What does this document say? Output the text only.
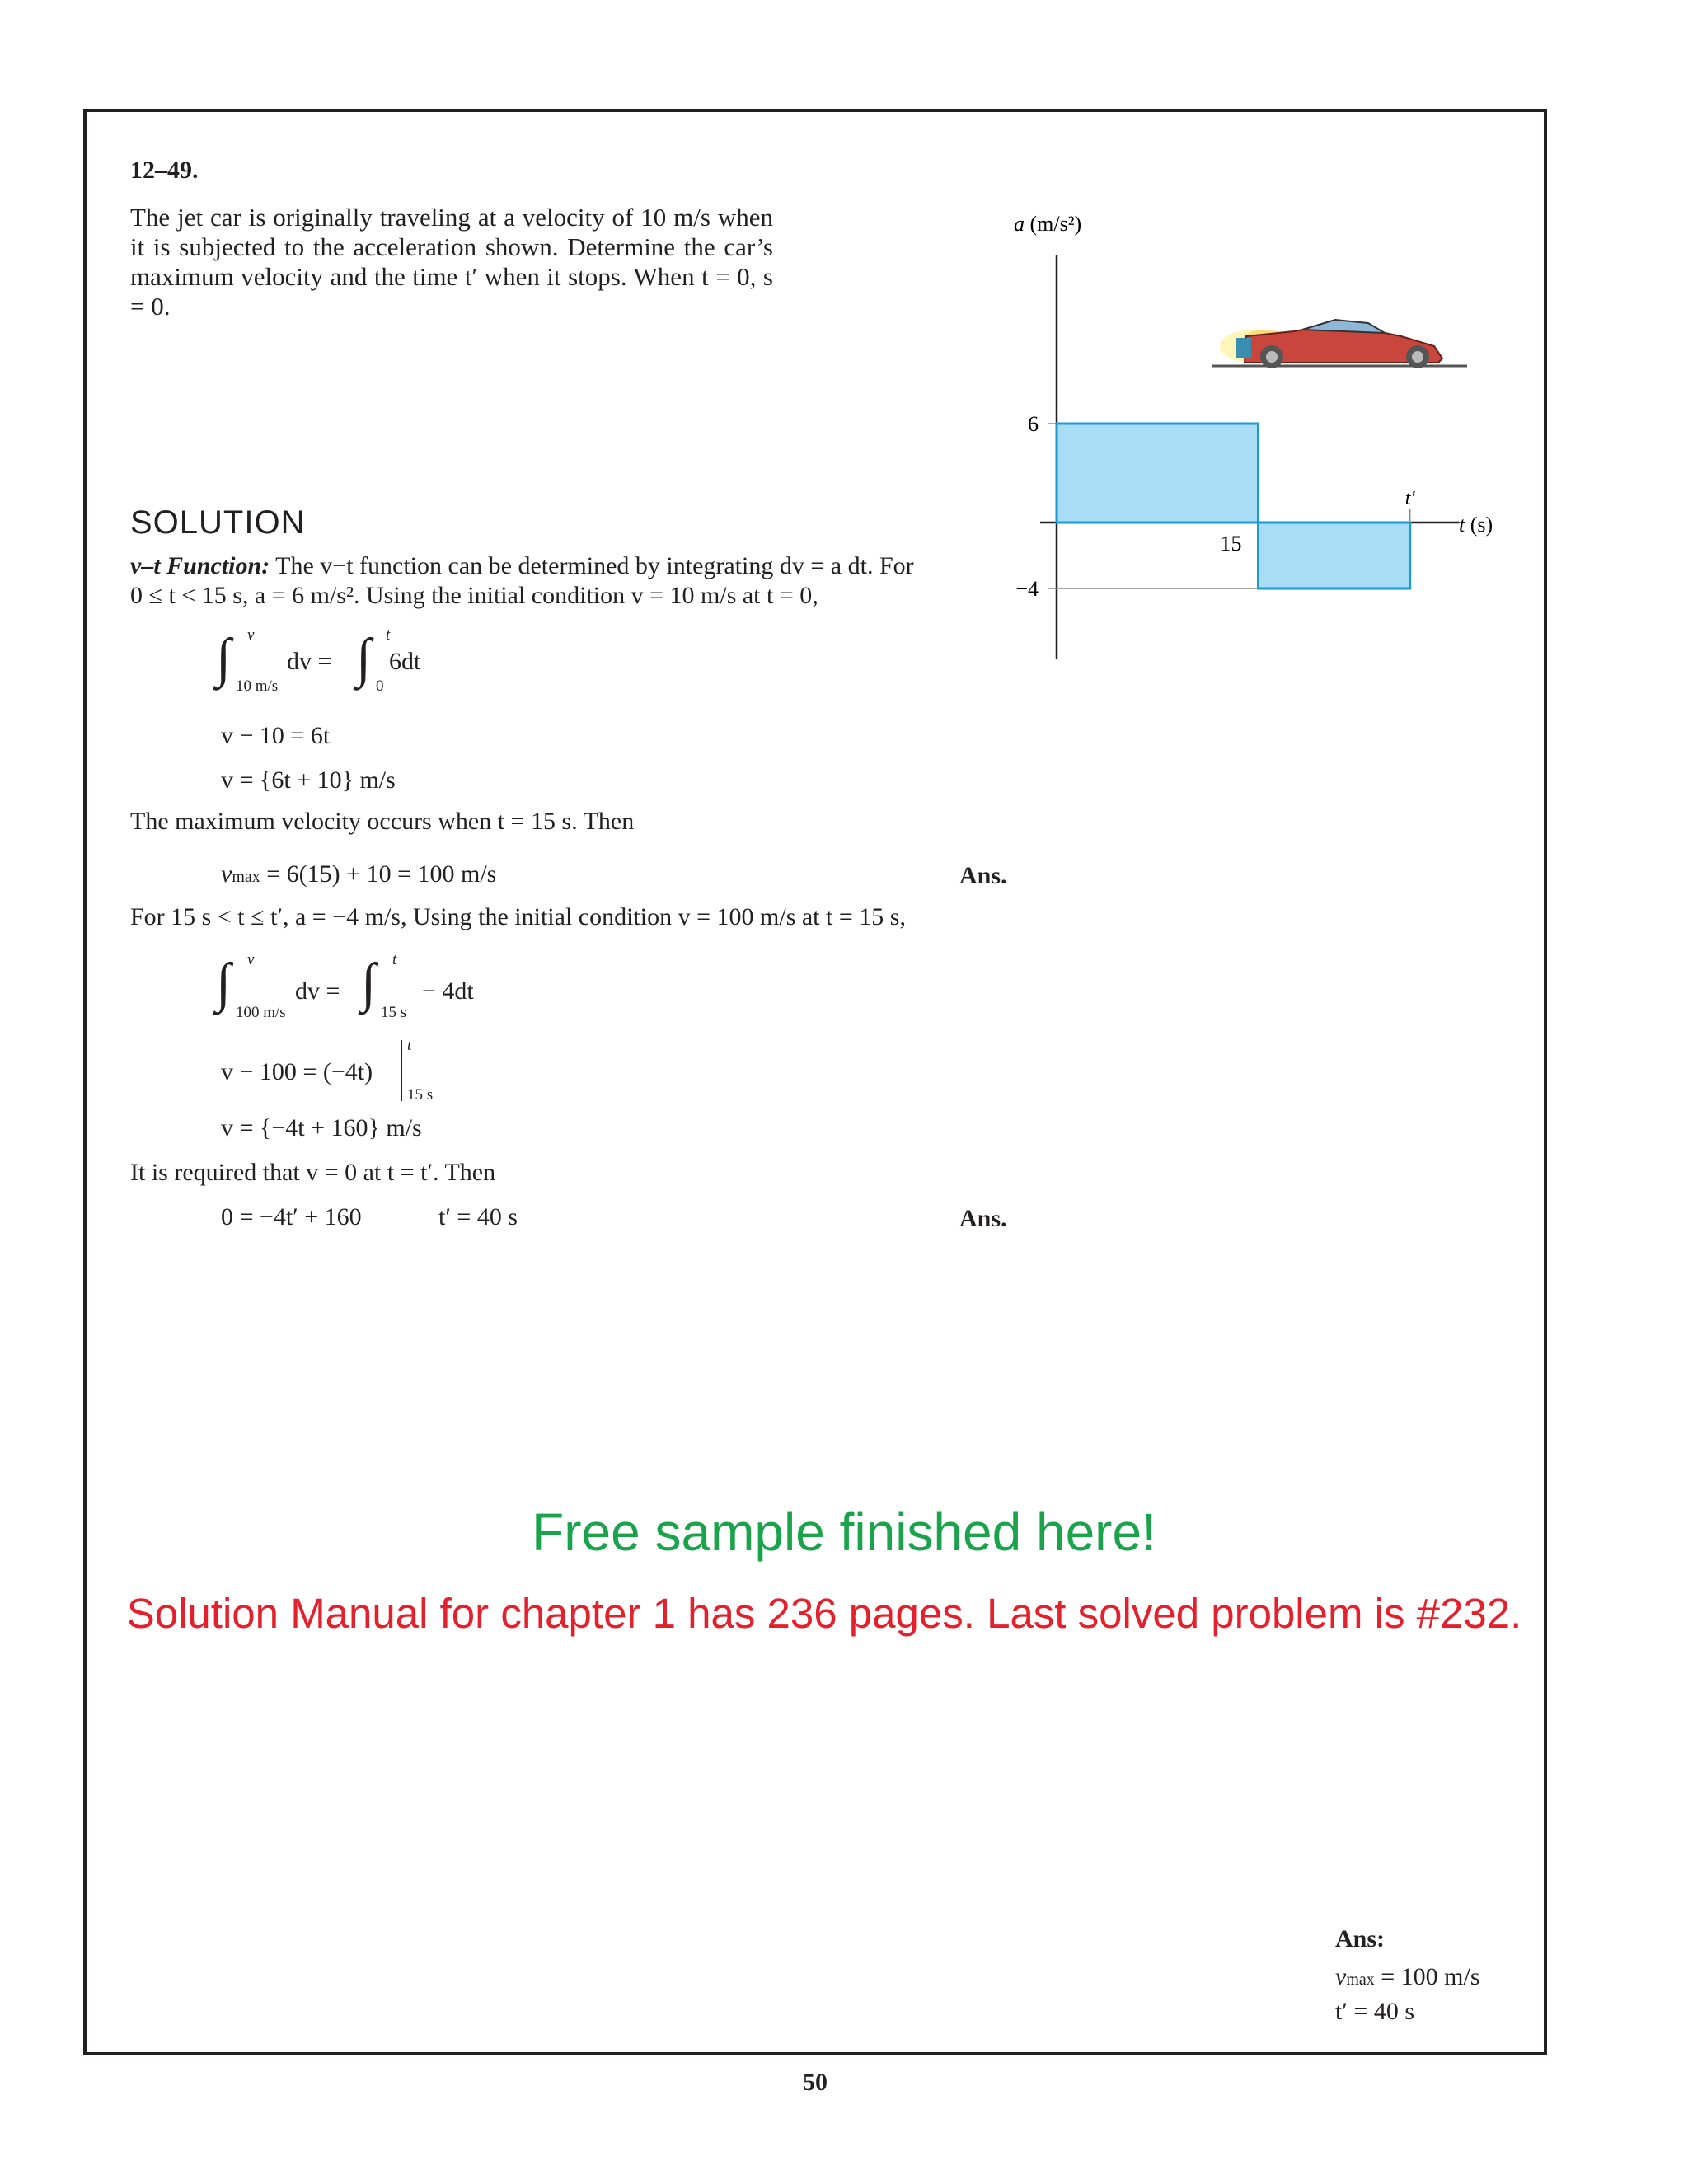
12–49.
The jet car is originally traveling at a velocity of 10 m/s when it is subjected to the acceleration shown. Determine the car’s maximum velocity and the time t′ when it stops. When t = 0, s = 0.
6
−4
15
t′
a (m/s²)
t (s)
SOLUTION
v–t Function: The v−t function can be determined by integrating dv = a dt. For
0 ≤ t < 15 s, a = 6 m/s². Using the initial condition v = 10 m/s at t = 0,
∫ v
10 m/s
dv = ∫ t
0
6dt
v − 10 = 6t
v = {6t + 10} m/s
The maximum velocity occurs when t = 15 s. Then
vmax = 6(15) + 10 = 100 m/s	Ans.
For 15 s < t ≤ t′, a = −4 m/s, Using the initial condition v = 100 m/s at t = 15 s,
∫ v
100 m/s
dv = ∫ t
15 s
− 4dt
v − 100 = (−4t)
t
15 s
v = {−4t + 160} m/s
It is required that v = 0 at t = t′. Then
0 = −4t′ + 160	t′ = 40 s	Ans.
Free sample finished here!
Solution Manual for chapter 1 has 236 pages. Last solved problem is #232.
Ans:
vmax = 100 m/s
t′ = 40 s
50
